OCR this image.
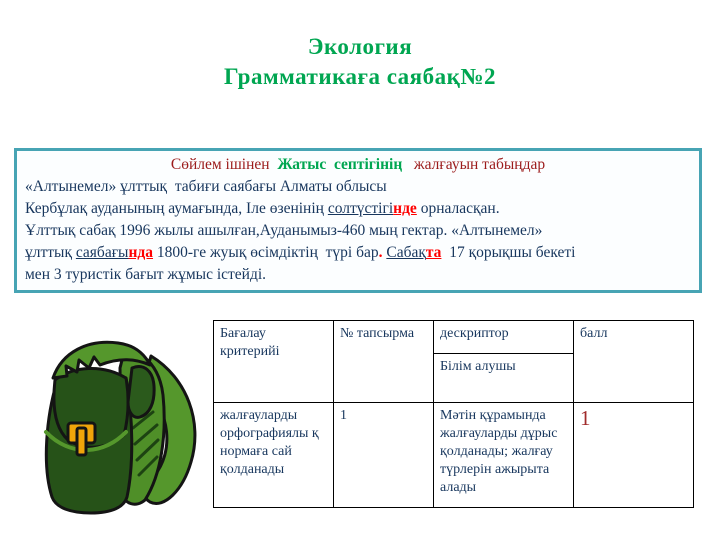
Экология
Грамматикаға саябақ№2
Сөйлем ішінен  Жатыс  септігінің   жалғауын табыңдар
«Алтынемел» ұлттық  табиғи саябағы Алматы облысы
Кербұлақ ауданының аумағында, Іле өзенінің солтүстігінде орналасқан.
Ұлттық сабақ 1996 жылы ашылған,Ауданымыз-460 мың гектар. «Алтынемел»
ұлттық саябағында 1800-ге жуық өсімдіктің  түрі бар. Сабақта  17 қорықшы бекеті
мен 3 туристік бағыт жұмыс істейді.
Бағалау критерийі	№ тапсырма	дескриптор	балл
		Білім алушы	
жалғауларды орфографиялы қ нормаға сай қолданады	1	Мәтін құрамында жалғауларды дұрыс қолданады; жалғау түрлерін ажырыта алады	1
